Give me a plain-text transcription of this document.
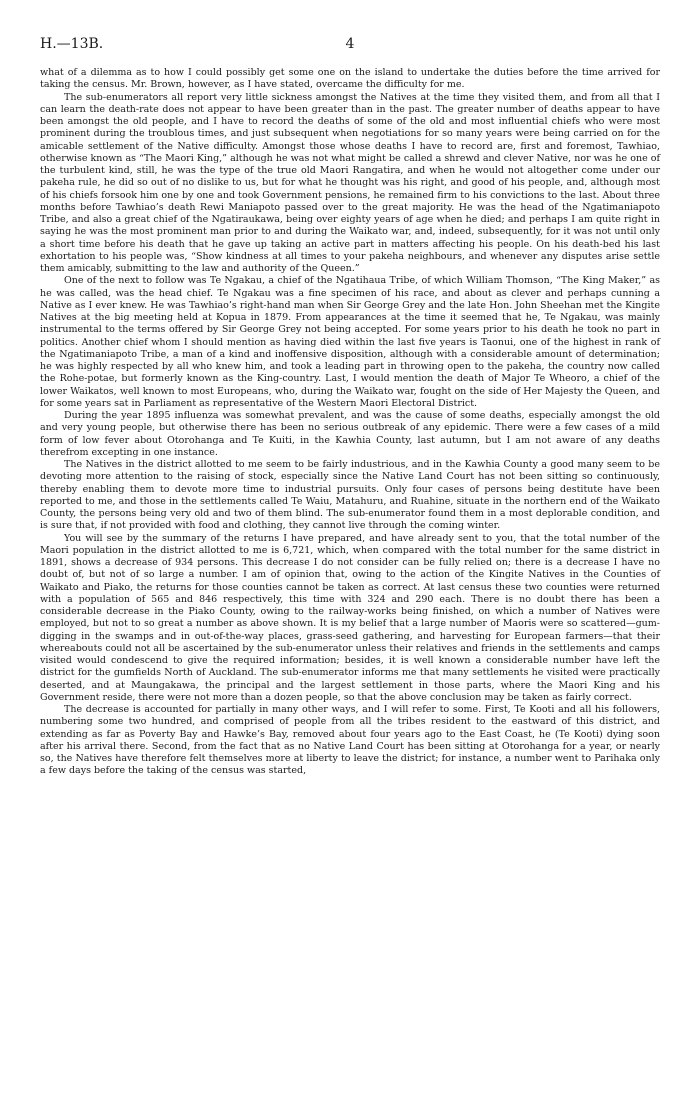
H.—13B.	4

what of a dilemma as to how I could possibly get some one on the island to undertake the duties before the time arrived for taking the census. Mr. Brown, however, as I have stated, overcame the difficulty for me.

The sub-enumerators all report very little sickness amongst the Natives at the time they visited them, and from all that I can learn the death-rate does not appear to have been greater than in the past. The greater number of deaths appear to have been amongst the old people, and I have to record the deaths of some of the old and most influential chiefs who were most prominent during the troublous times, and just subsequent when negotiations for so many years were being carried on for the amicable settlement of the Native difficulty. Amongst those whose deaths I have to record are, first and foremost, Tawhiao, otherwise known as “The Maori King,” although he was not what might be called a shrewd and clever Native, nor was he one of the turbulent kind, still, he was the type of the true old Maori Rangatira, and when he would not altogether come under our pakeha rule, he did so out of no dislike to us, but for what he thought was his right, and good of his people, and, although most of his chiefs forsook him one by one and took Government pensions, he remained firm to his convictions to the last. About three months before Tawhiao’s death Rewi Maniapoto passed over to the great majority. He was the head of the Ngatimaniapoto Tribe, and also a great chief of the Ngatiraukawa, being over eighty years of age when he died; and perhaps I am quite right in saying he was the most prominent man prior to and during the Waikato war, and, indeed, subsequently, for it was not until only a short time before his death that he gave up taking an active part in matters affecting his people. On his death-bed his last exhortation to his people was, “Show kindness at all times to your pakeha neighbours, and whenever any disputes arise settle them amicably, submitting to the law and authority of the Queen.”

One of the next to follow was Te Ngakau, a chief of the Ngatihaua Tribe, of which William Thomson, “The King Maker,” as he was called, was the head chief. Te Ngakau was a fine specimen of his race, and about as clever and perhaps cunning a Native as I ever knew. He was Tawhiao’s right-hand man when Sir George Grey and the late Hon. John Sheehan met the Kingite Natives at the big meeting held at Kopua in 1879. From appearances at the time it seemed that he, Te Ngakau, was mainly instrumental to the terms offered by Sir George Grey not being accepted. For some years prior to his death he took no part in politics. Another chief whom I should mention as having died within the last five years is Taonui, one of the highest in rank of the Ngatimaniapoto Tribe, a man of a kind and inoffensive disposition, although with a considerable amount of determination; he was highly respected by all who knew him, and took a leading part in throwing open to the pakeha, the country now called the Rohe-potae, but formerly known as the King-country. Last, I would mention the death of Major Te Wheoro, a chief of the lower Waikatos, well known to most Europeans, who, during the Waikato war, fought on the side of Her Majesty the Queen, and for some years sat in Parliament as representative of the Western Maori Electoral District.

During the year 1895 influenza was somewhat prevalent, and was the cause of some deaths, especially amongst the old and very young people, but otherwise there has been no serious outbreak of any epidemic. There were a few cases of a mild form of low fever about Otorohanga and Te Kuiti, in the Kawhia County, last autumn, but I am not aware of any deaths therefrom excepting in one instance.

The Natives in the district allotted to me seem to be fairly industrious, and in the Kawhia County a good many seem to be devoting more attention to the raising of stock, especially since the Native Land Court has not been sitting so continuously, thereby enabling them to devote more time to industrial pursuits. Only four cases of persons being destitute have been reported to me, and those in the settlements called Te Waiu, Matahuru, and Ruahine, situate in the northern end of the Waikato County, the persons being very old and two of them blind. The sub-enumerator found them in a most deplorable condition, and is sure that, if not provided with food and clothing, they cannot live through the coming winter.

You will see by the summary of the returns I have prepared, and have already sent to you, that the total number of the Maori population in the district allotted to me is 6,721, which, when compared with the total number for the same district in 1891, shows a decrease of 934 persons. This decrease I do not consider can be fully relied on; there is a decrease I have no doubt of, but not of so large a number. I am of opinion that, owing to the action of the Kingite Natives in the Counties of Waikato and Piako, the returns for those counties cannot be taken as correct. At last census these two counties were returned with a population of 565 and 846 respectively, this time with 324 and 290 each. There is no doubt there has been a considerable decrease in the Piako County, owing to the railway-works being finished, on which a number of Natives were employed, but not to so great a number as above shown. It is my belief that a large number of Maoris were so scattered—gum-digging in the swamps and in out-of-the-way places, grass-seed gathering, and harvesting for European farmers—that their whereabouts could not all be ascertained by the sub-enumerator unless their relatives and friends in the settlements and camps visited would condescend to give the required information; besides, it is well known a considerable number have left the district for the gumfields North of Auckland. The sub-enumerator informs me that many settlements he visited were practically deserted, and at Maungakawa, the principal and the largest settlement in those parts, where the Maori King and his Government reside, there were not more than a dozen people, so that the above conclusion may be taken as fairly correct.

The decrease is accounted for partially in many other ways, and I will refer to some. First, Te Kooti and all his followers, numbering some two hundred, and comprised of people from all the tribes resident to the eastward of this district, and extending as far as Poverty Bay and Hawke’s Bay, removed about four years ago to the East Coast, he (Te Kooti) dying soon after his arrival there. Second, from the fact that as no Native Land Court has been sitting at Otorohanga for a year, or nearly so, the Natives have therefore felt themselves more at liberty to leave the district; for instance, a number went to Parihaka only a few days before the taking of the census was started,
